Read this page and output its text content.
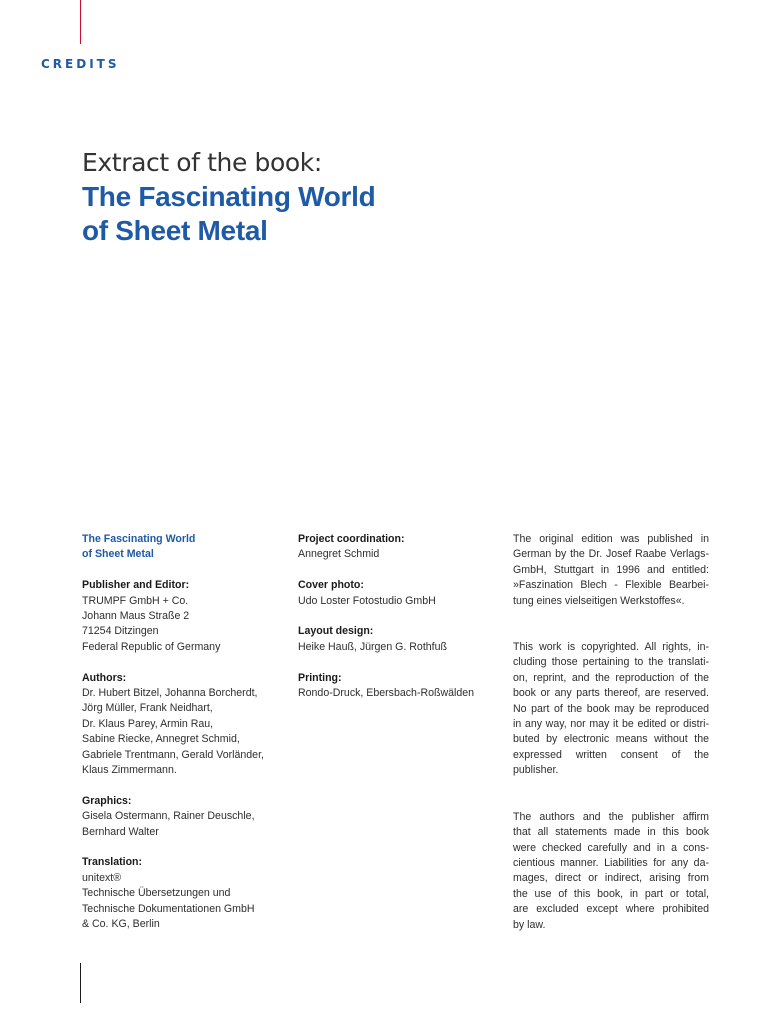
CREDITS
Extract of the book:
The Fascinating World
of Sheet Metal
The Fascinating World
of Sheet Metal
Publisher and Editor:
TRUMPF GmbH + Co.
Johann Maus Straße 2
71254 Ditzingen
Federal Republic of Germany
Authors:
Dr. Hubert Bitzel, Johanna Borcherdt,
Jörg Müller, Frank Neidhart,
Dr. Klaus Parey, Armin Rau,
Sabine Riecke, Annegret Schmid,
Gabriele Trentmann, Gerald Vorländer,
Klaus Zimmermann.
Graphics:
Gisela Ostermann, Rainer Deuschle,
Bernhard Walter
Translation:
unitext®
Technische Übersetzungen und
Technische Dokumentationen GmbH
& Co. KG, Berlin
Project coordination:
Annegret Schmid
Cover photo:
Udo Loster Fotostudio GmbH
Layout design:
Heike Hauß, Jürgen G. Rothfuß
Printing:
Rondo-Druck, Ebersbach-Roßwälden
The original edition was published in
German by the Dr. Josef Raabe Verlags-
GmbH, Stuttgart in 1996 and entitled:
»Faszination Blech - Flexible Bearbei-
tung eines vielseitigen Werkstoffes«.
This work is copyrighted. All rights, in-
cluding those pertaining to the translati-
on, reprint, and the reproduction of the
book or any parts thereof, are reserved.
No part of the book may be reproduced
in any way, nor may it be edited or distri-
buted by electronic means without the
expressed written consent of the
publisher.
The authors and the publisher affirm
that all statements made in this book
were checked carefully and in a cons-
cientious manner. Liabilities for any da-
mages, direct or indirect, arising from
the use of this book, in part or total,
are excluded except where prohibited
by law.
